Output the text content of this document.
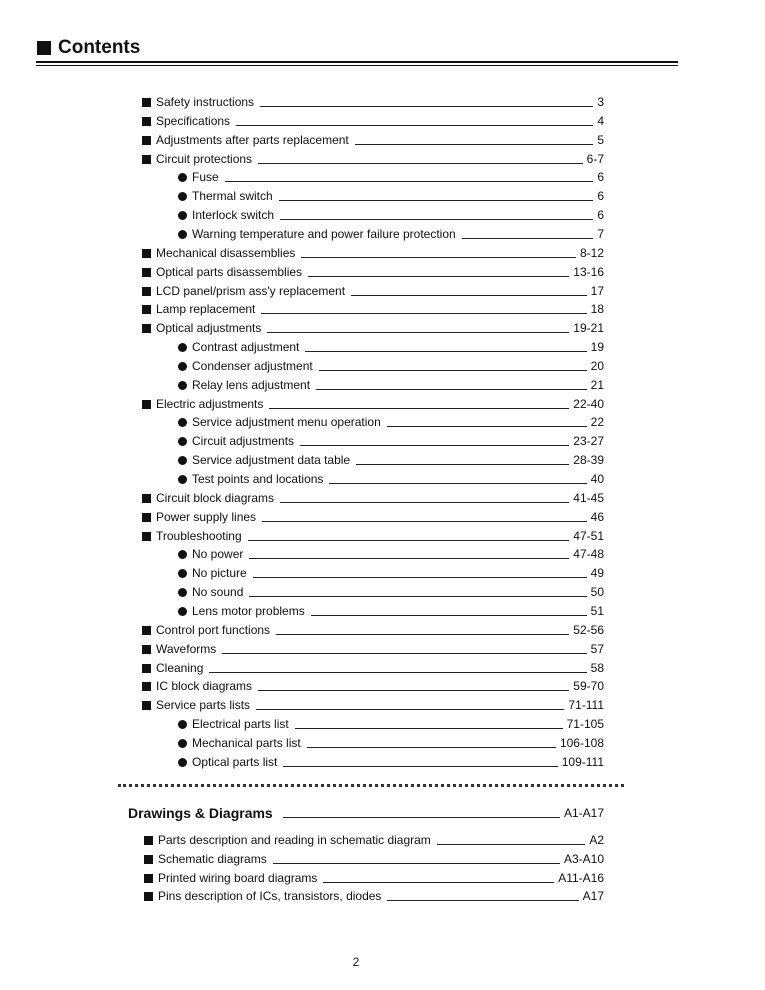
Contents
Safety instructions	3
Specifications	4
Adjustments after parts replacement	5
Circuit protections	6-7
Fuse	6
Thermal switch	6
Interlock switch	6
Warning temperature and power failure protection	7
Mechanical disassemblies	8-12
Optical parts disassemblies	13-16
LCD panel/prism ass'y replacement	17
Lamp replacement	18
Optical adjustments	19-21
Contrast adjustment	19
Condenser adjustment	20
Relay lens adjustment	21
Electric adjustments	22-40
Service adjustment menu operation	22
Circuit adjustments	23-27
Service adjustment data table	28-39
Test points and locations	40
Circuit block diagrams	41-45
Power supply lines	46
Troubleshooting	47-51
No power	47-48
No picture	49
No sound	50
Lens motor problems	51
Control port functions	52-56
Waveforms	57
Cleaning	58
IC block diagrams	59-70
Service parts lists	71-111
Electrical parts list	71-105
Mechanical parts list	106-108
Optical parts list	109-111
Drawings & Diagrams	A1-A17
Parts description and reading in schematic diagram	A2
Schematic diagrams	A3-A10
Printed wiring board diagrams	A11-A16
Pins description of ICs, transistors, diodes	A17
2
